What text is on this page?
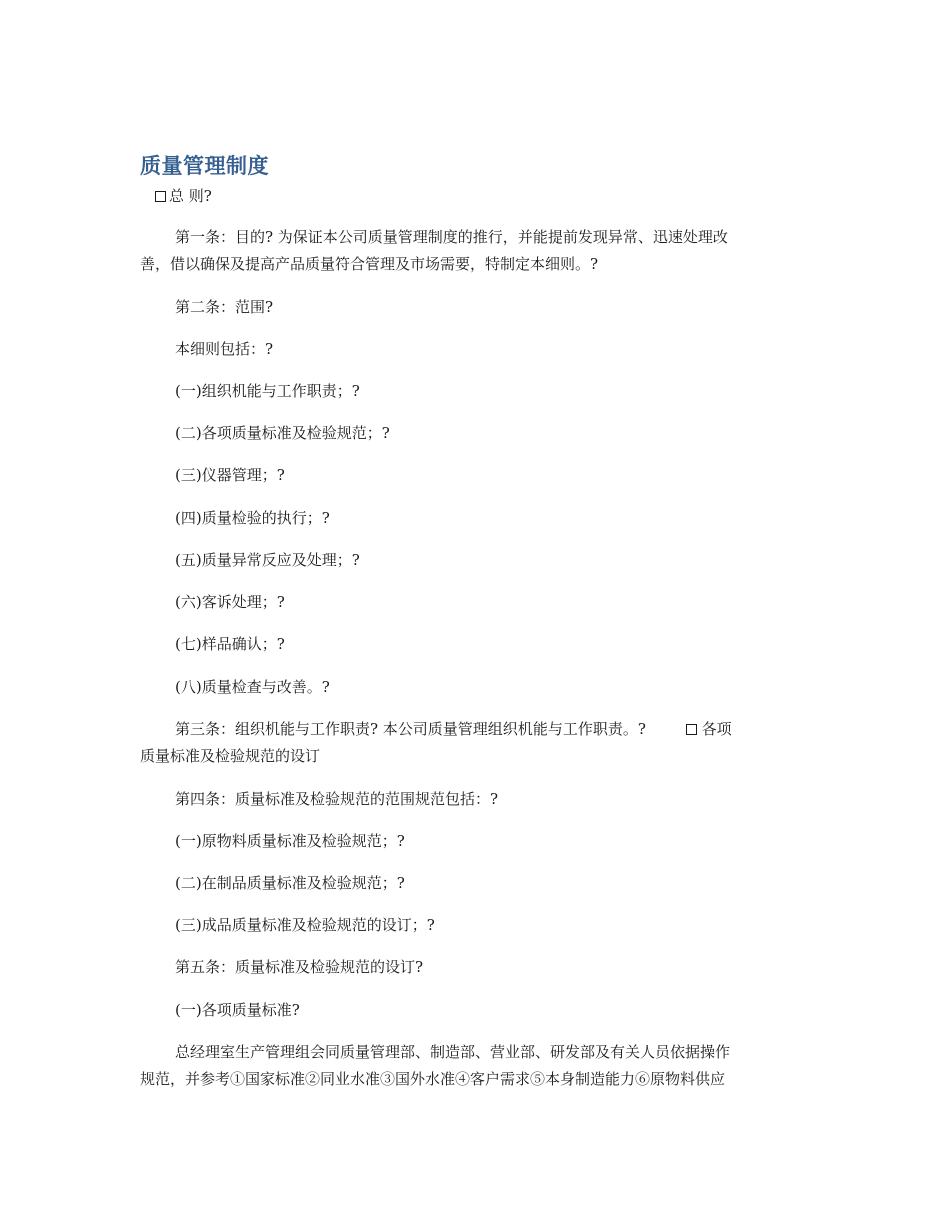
质量管理制度
总 则?
第一条：目的? 为保证本公司质量管理制度的推行，并能提前发现异常、迅速处理改
善，借以确保及提高产品质量符合管理及市场需要，特制定本细则。?
第二条：范围?
本细则包括：?
(一)组织机能与工作职责；?
(二)各项质量标准及检验规范；?
(三)仪器管理；?
(四)质量检验的执行；?
(五)质量异常反应及处理；?
(六)客诉处理；?
(七)样品确认；?
(八)质量检查与改善。?
第三条：组织机能与工作职责? 本公司质量管理组织机能与工作职责。?	各项
质量标准及检验规范的设订
第四条：质量标准及检验规范的范围规范包括：?
(一)原物料质量标准及检验规范；?
(二)在制品质量标准及检验规范；?
(三)成品质量标准及检验规范的设订；?
第五条：质量标准及检验规范的设订?
(一)各项质量标准?
总经理室生产管理组会同质量管理部、制造部、营业部、研发部及有关人员依据操作
规范，并参考①国家标准②同业水准③国外水准④客户需求⑤本身制造能力⑥原物料供应
